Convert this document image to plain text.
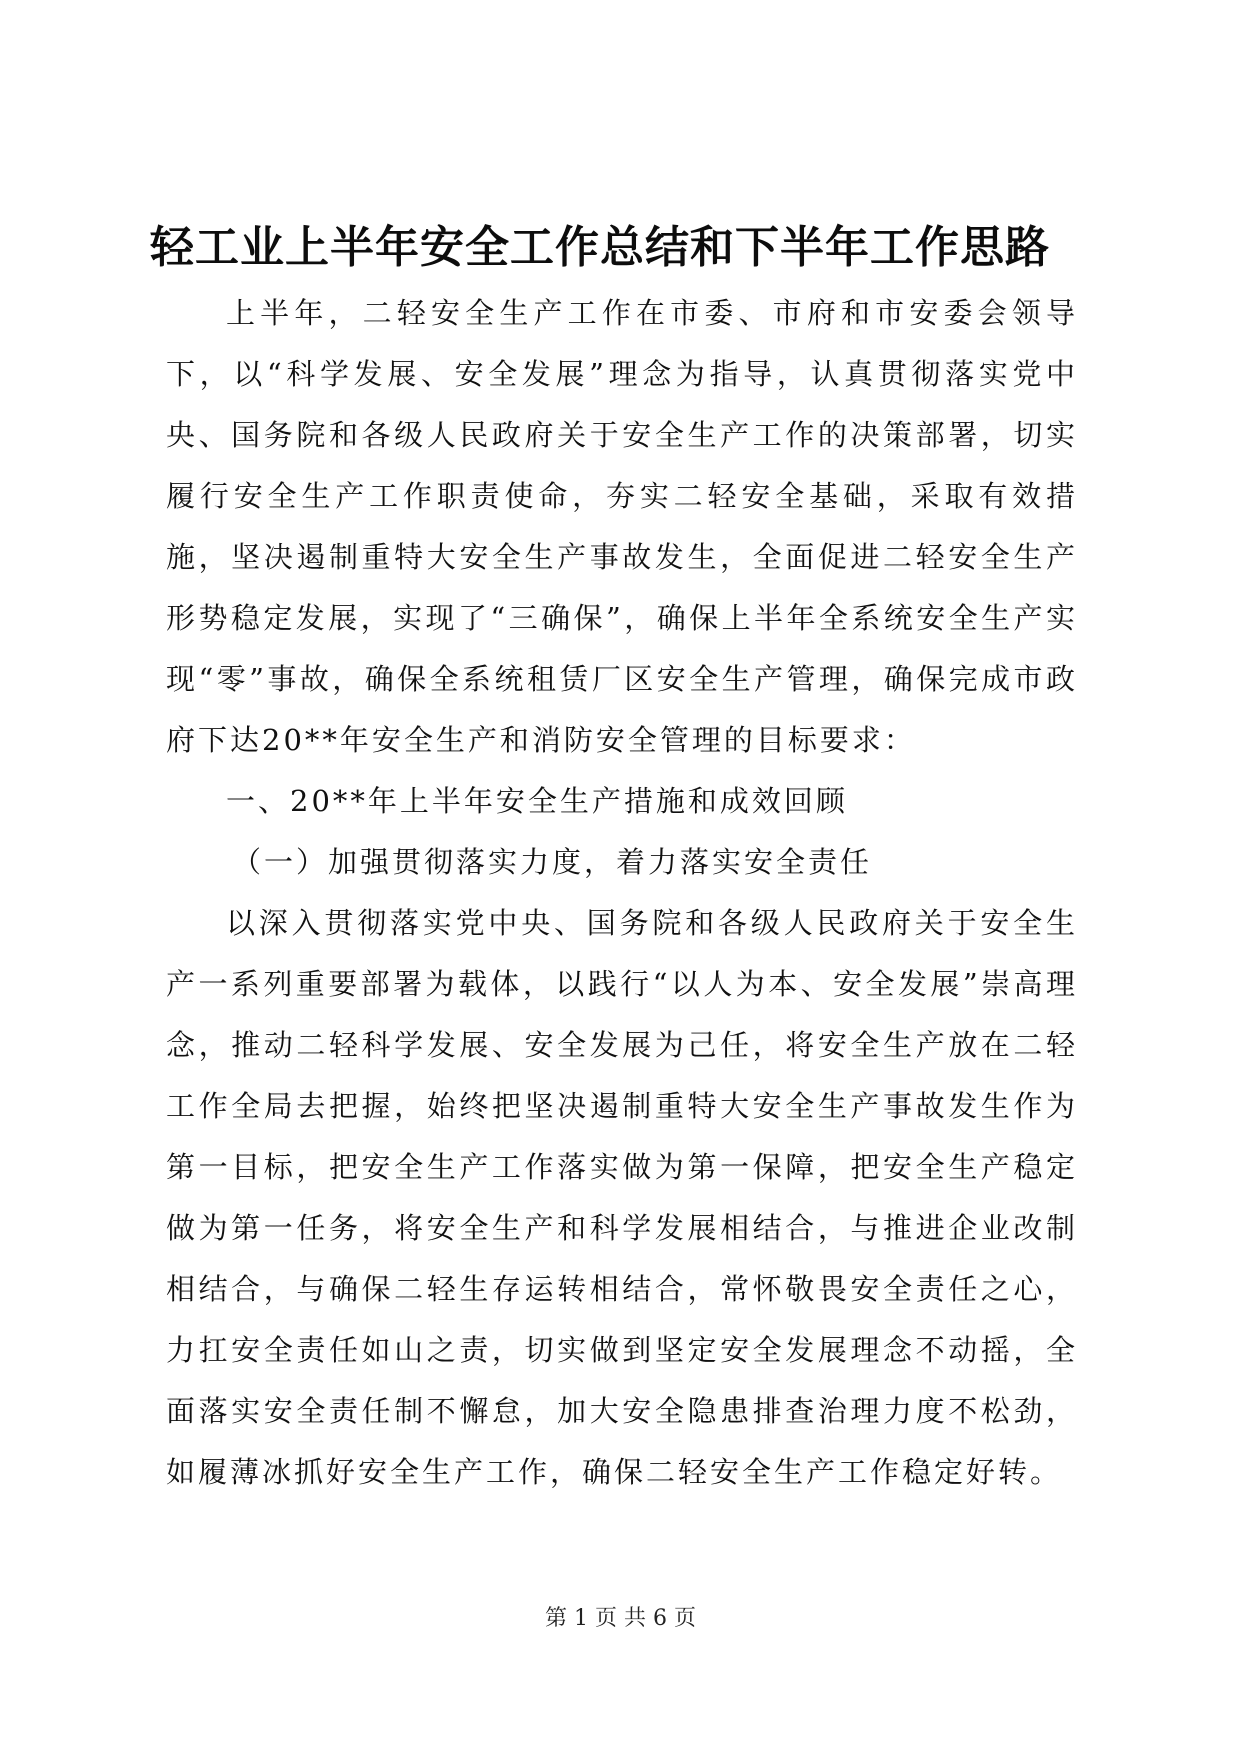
轻工业上半年安全工作总结和下半年工作思路

上半年，二轻安全生产工作在市委、市府和市安委会领导下，以“科学发展、安全发展”理念为指导，认真贯彻落实党中央、国务院和各级人民政府关于安全生产工作的决策部署，切实履行安全生产工作职责使命，夯实二轻安全基础，采取有效措施，坚决遏制重特大安全生产事故发生，全面促进二轻安全生产形势稳定发展，实现了“三确保”，确保上半年全系统安全生产实现“零”事故，确保全系统租赁厂区安全生产管理，确保完成市政府下达20**年安全生产和消防安全管理的目标要求：

一、20**年上半年安全生产措施和成效回顾

（一）加强贯彻落实力度，着力落实安全责任

以深入贯彻落实党中央、国务院和各级人民政府关于安全生产一系列重要部署为载体，以践行“以人为本、安全发展”崇高理念，推动二轻科学发展、安全发展为己任，将安全生产放在二轻工作全局去把握，始终把坚决遏制重特大安全生产事故发生作为第一目标，把安全生产工作落实做为第一保障，把安全生产稳定做为第一任务，将安全生产和科学发展相结合，与推进企业改制相结合，与确保二轻生存运转相结合，常怀敬畏安全责任之心，力扛安全责任如山之责，切实做到坚定安全发展理念不动摇，全面落实安全责任制不懈怠，加大安全隐患排查治理力度不松劲，如履薄冰抓好安全生产工作，确保二轻安全生产工作稳定好转。

第 1 页 共 6 页
